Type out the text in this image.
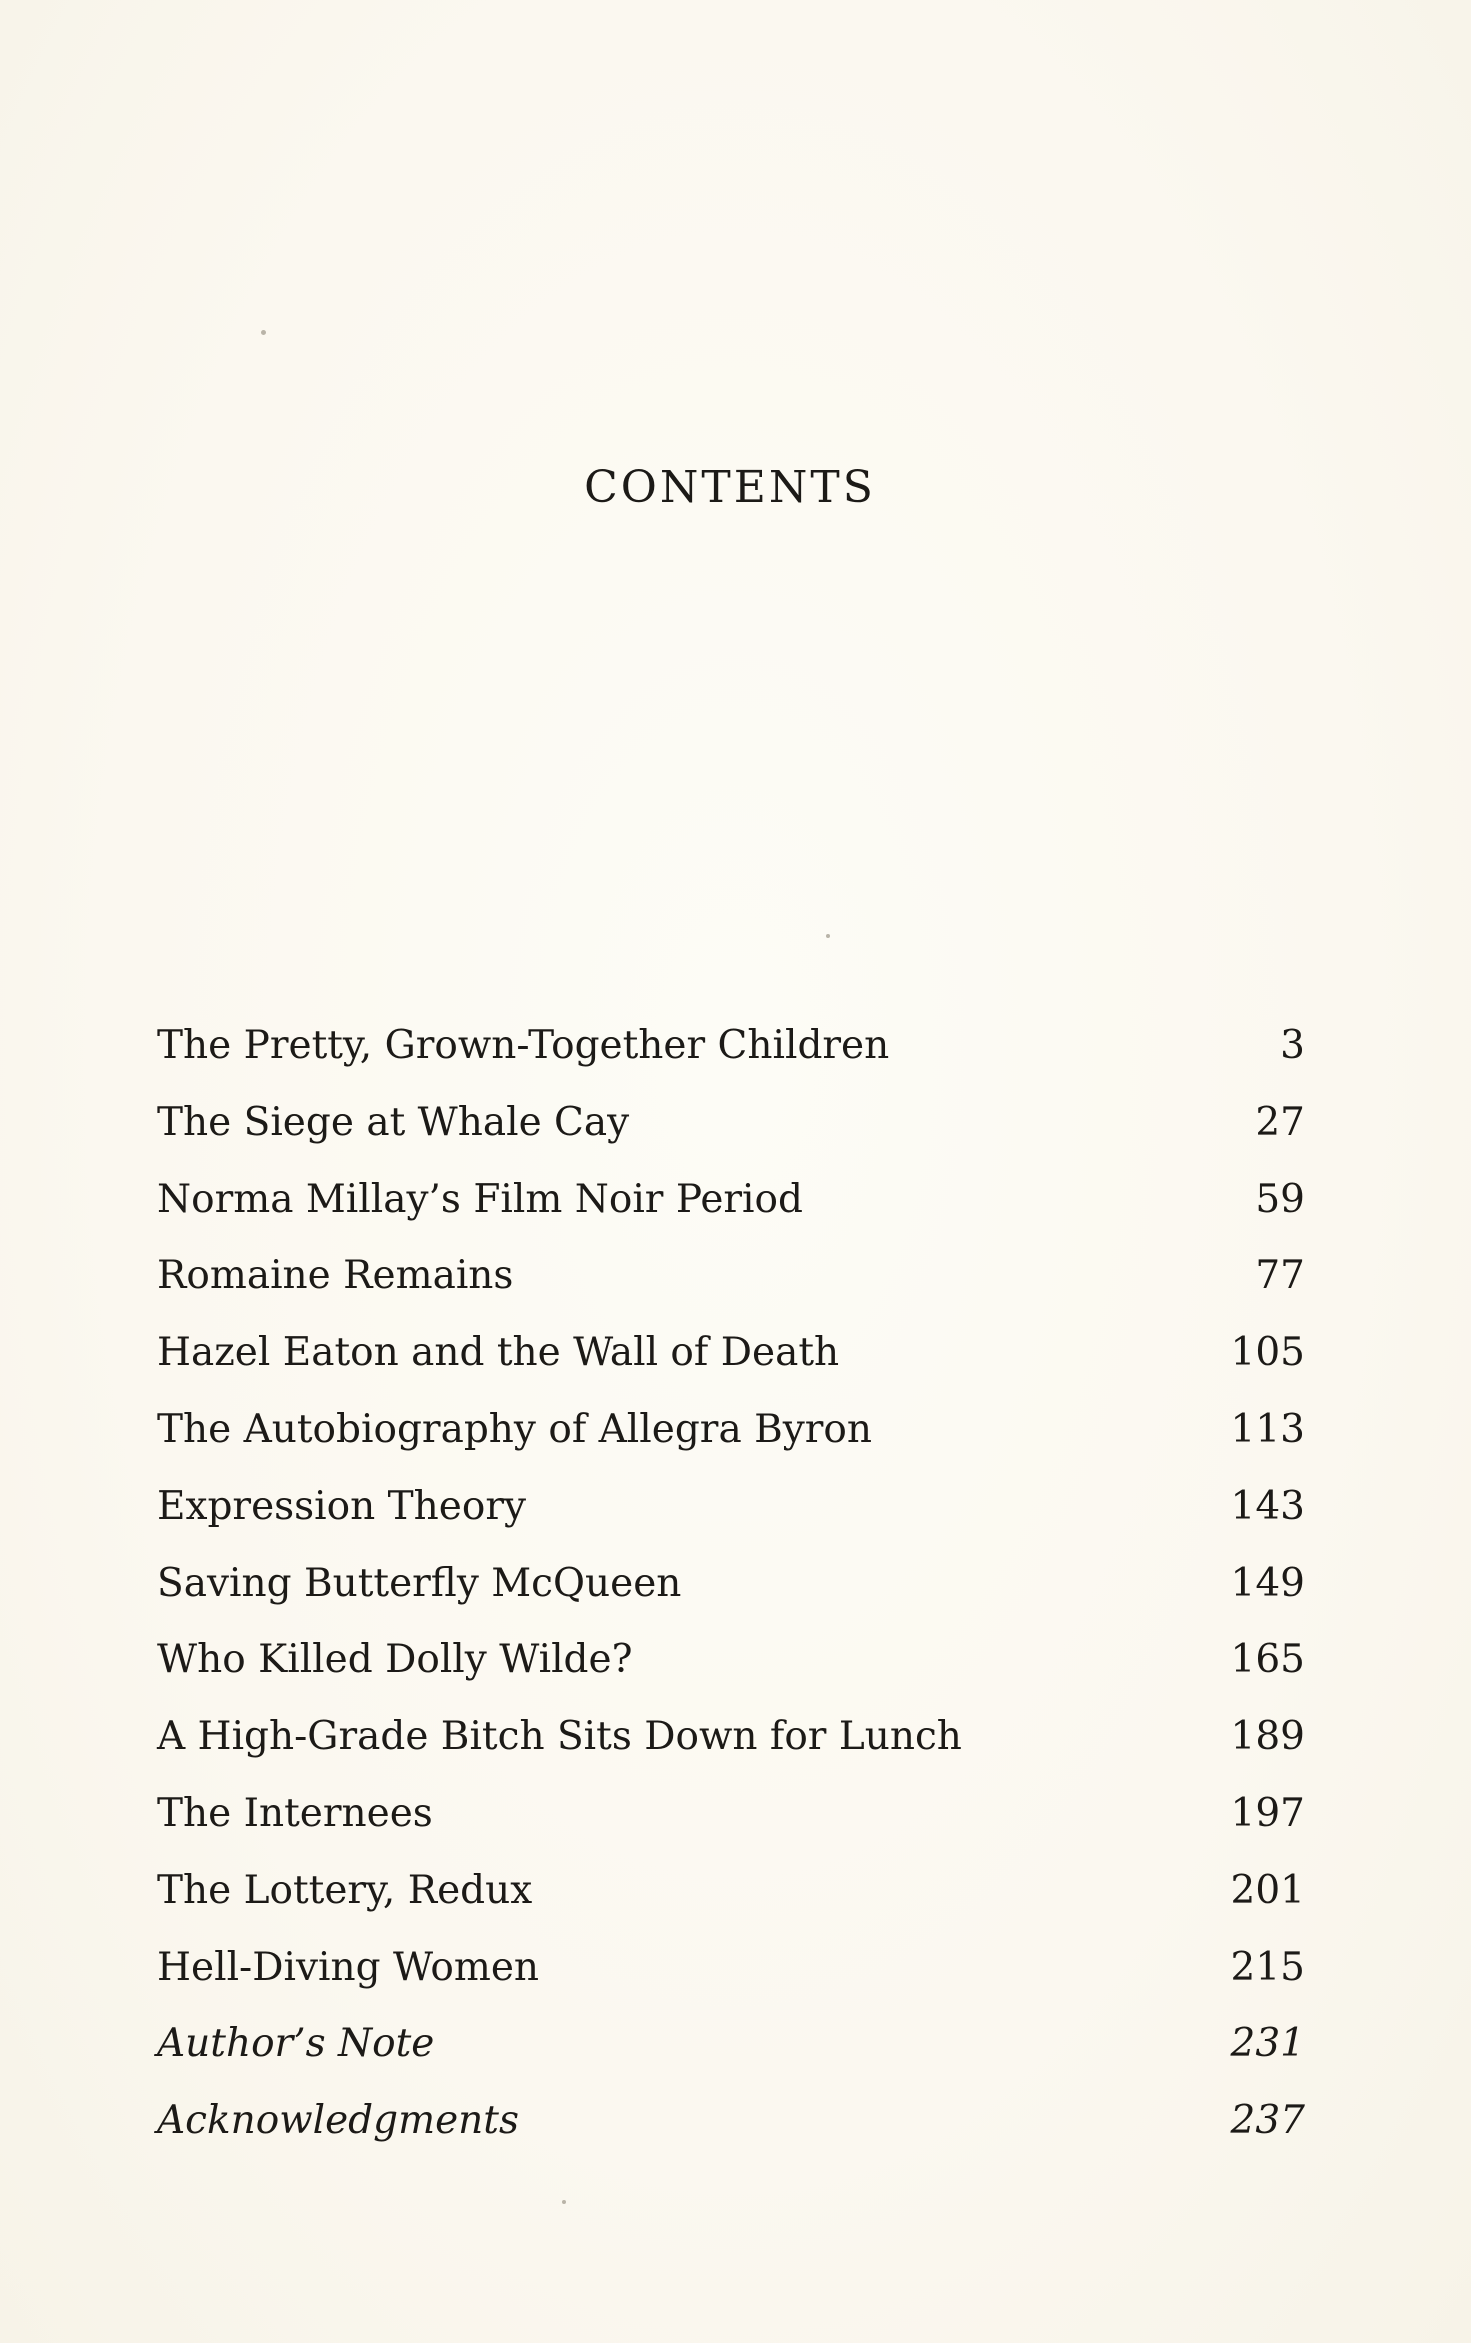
CONTENTS
The Pretty, Grown-Together Children	3
The Siege at Whale Cay	27
Norma Millay’s Film Noir Period	59
Romaine Remains	77
Hazel Eaton and the Wall of Death	105
The Autobiography of Allegra Byron	113
Expression Theory	143
Saving Butterfly McQueen	149
Who Killed Dolly Wilde?	165
A High-Grade Bitch Sits Down for Lunch	189
The Internees	197
The Lottery, Redux	201
Hell-Diving Women	215
Author’s Note	231
Acknowledgments	237
